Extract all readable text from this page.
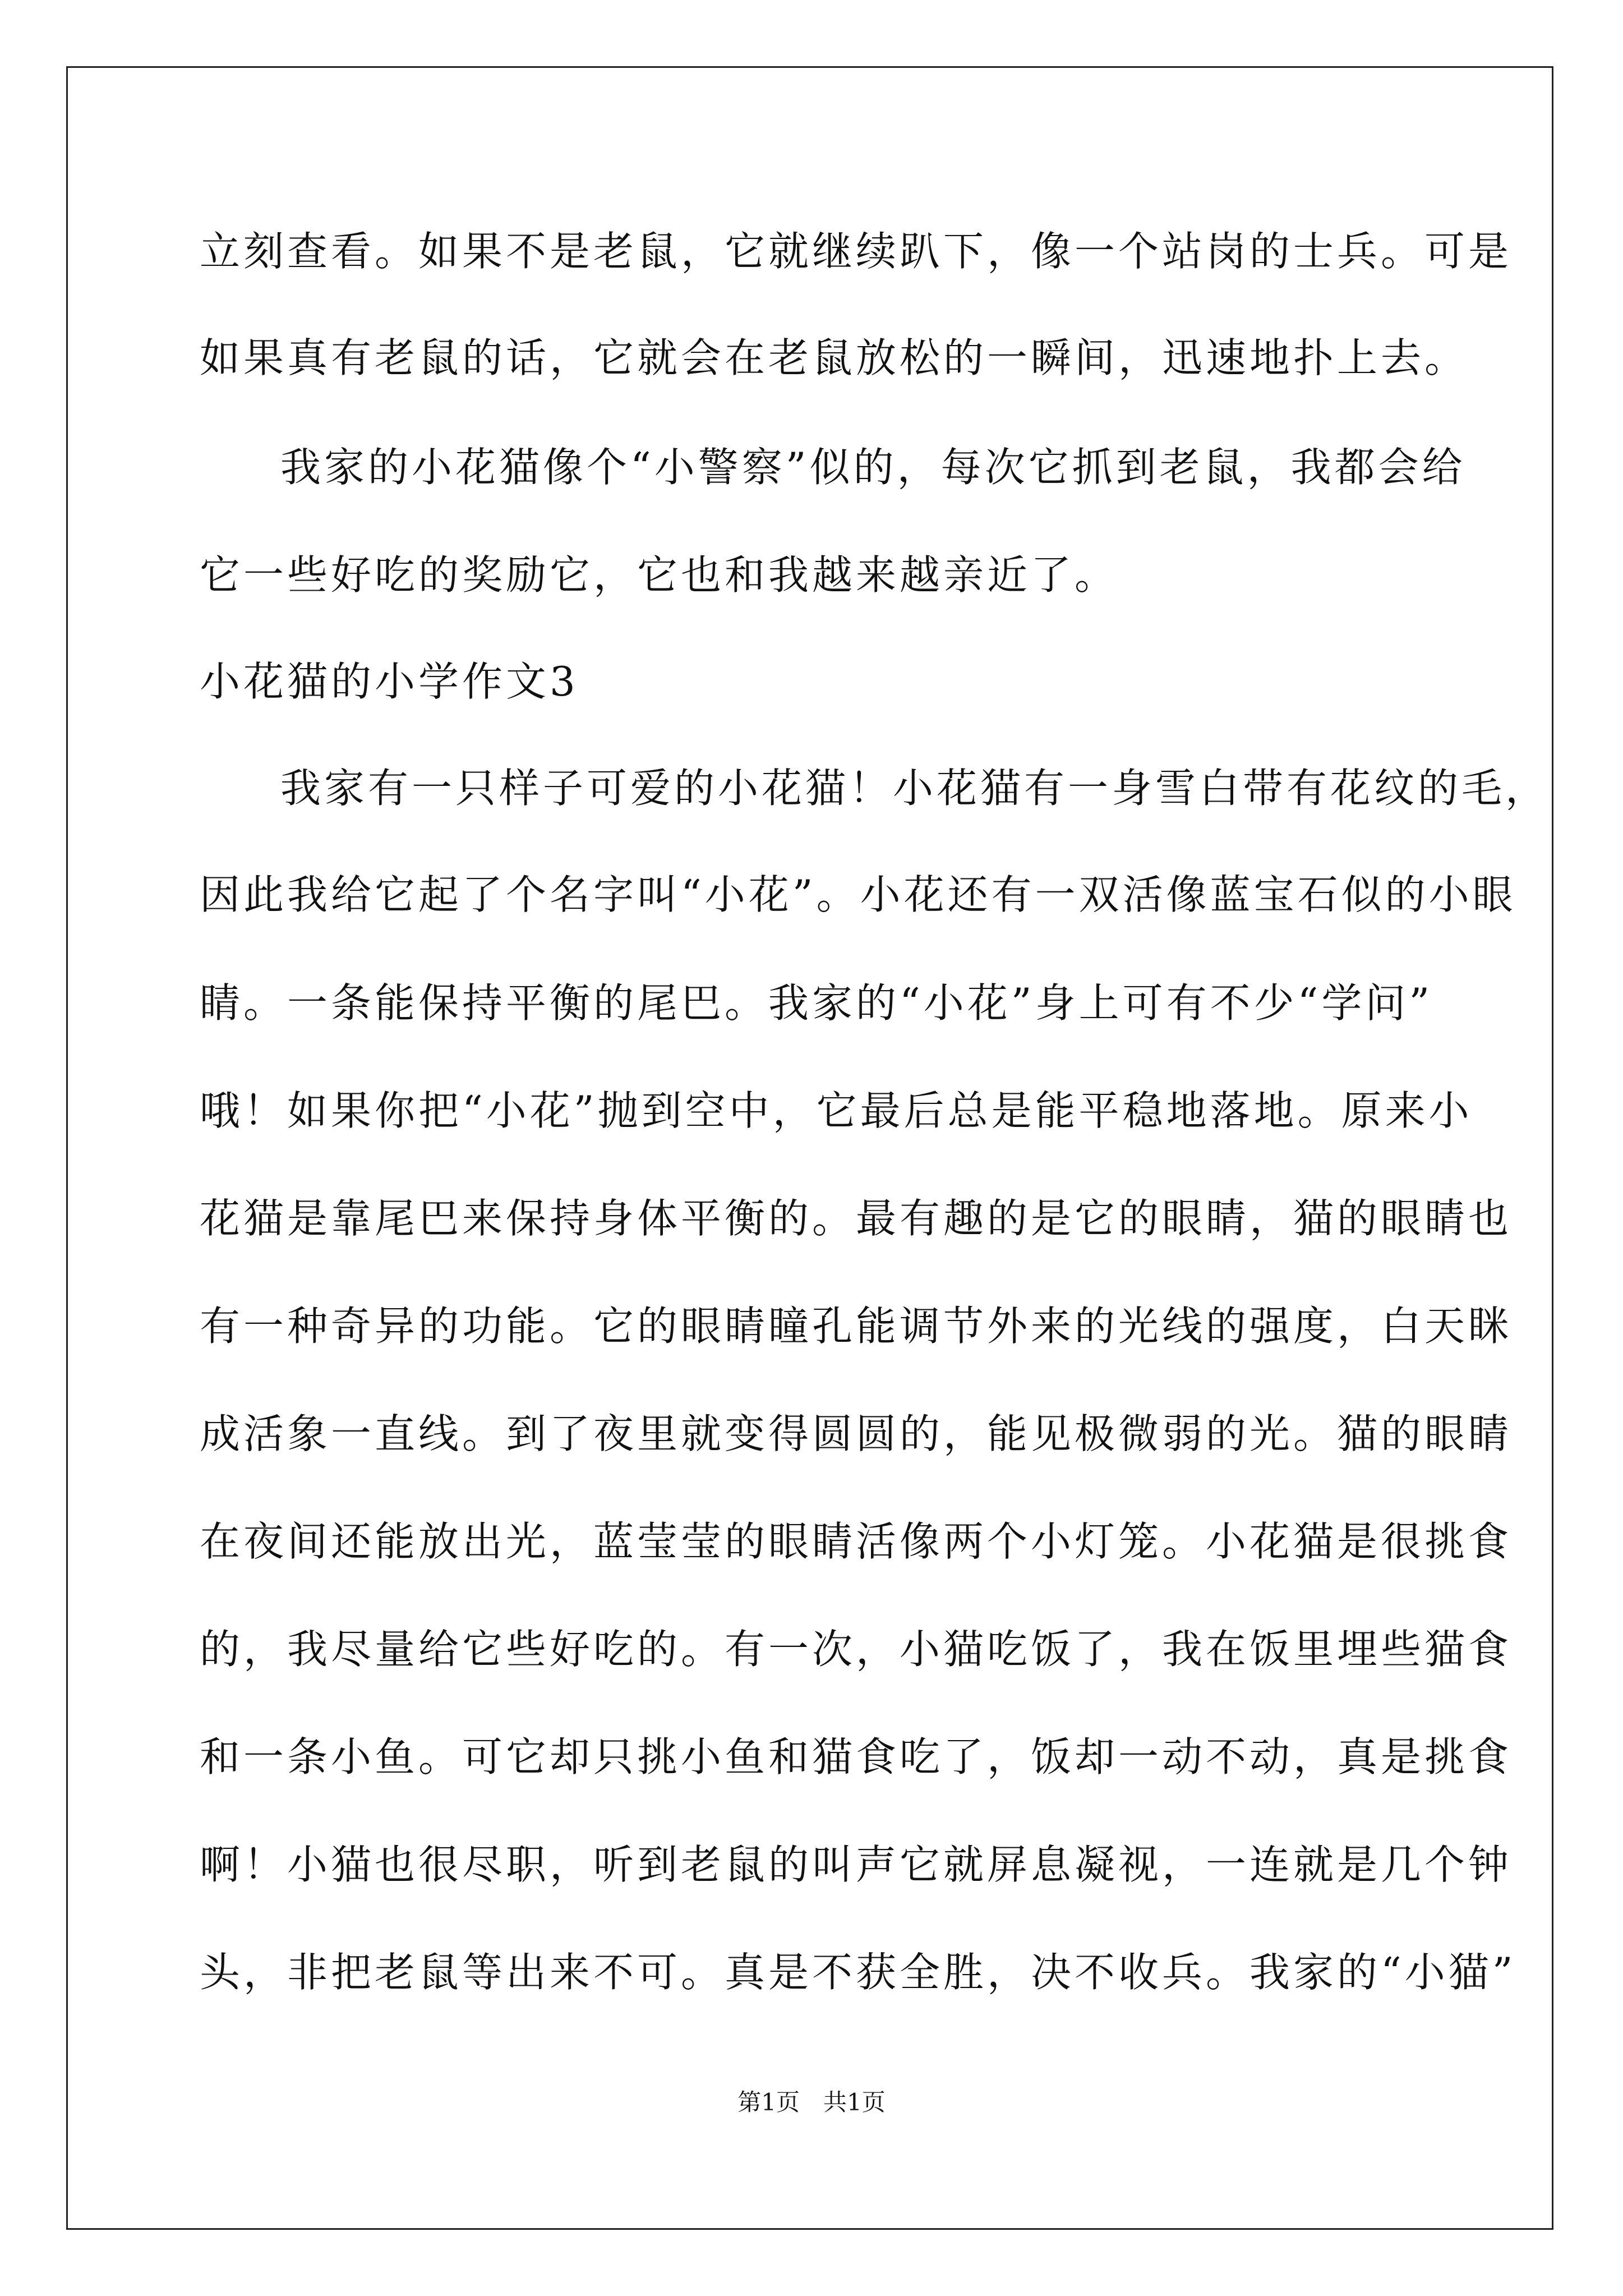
立刻查看。如果不是老鼠，它就继续趴下，像一个站岗的士兵。可是

如果真有老鼠的话，它就会在老鼠放松的一瞬间，迅速地扑上去。

我家的小花猫像个“小警察”似的，每次它抓到老鼠，我都会给

它一些好吃的奖励它，它也和我越来越亲近了。

小花猫的小学作文3

我家有一只样子可爱的小花猫！小花猫有一身雪白带有花纹的毛，

因此我给它起了个名字叫“小花”。小花还有一双活像蓝宝石似的小眼

睛。一条能保持平衡的尾巴。我家的“小花”身上可有不少“学问”

哦！如果你把“小花”抛到空中，它最后总是能平稳地落地。原来小

花猫是靠尾巴来保持身体平衡的。最有趣的是它的眼睛，猫的眼睛也

有一种奇异的功能。它的眼睛瞳孔能调节外来的光线的强度，白天眯

成活象一直线。到了夜里就变得圆圆的，能见极微弱的光。猫的眼睛

在夜间还能放出光，蓝莹莹的眼睛活像两个小灯笼。小花猫是很挑食

的，我尽量给它些好吃的。有一次，小猫吃饭了，我在饭里埋些猫食

和一条小鱼。可它却只挑小鱼和猫食吃了，饭却一动不动，真是挑食

啊！小猫也很尽职，听到老鼠的叫声它就屏息凝视，一连就是几个钟

头，非把老鼠等出来不可。真是不获全胜，决不收兵。我家的“小猫”

第1页　共1页
